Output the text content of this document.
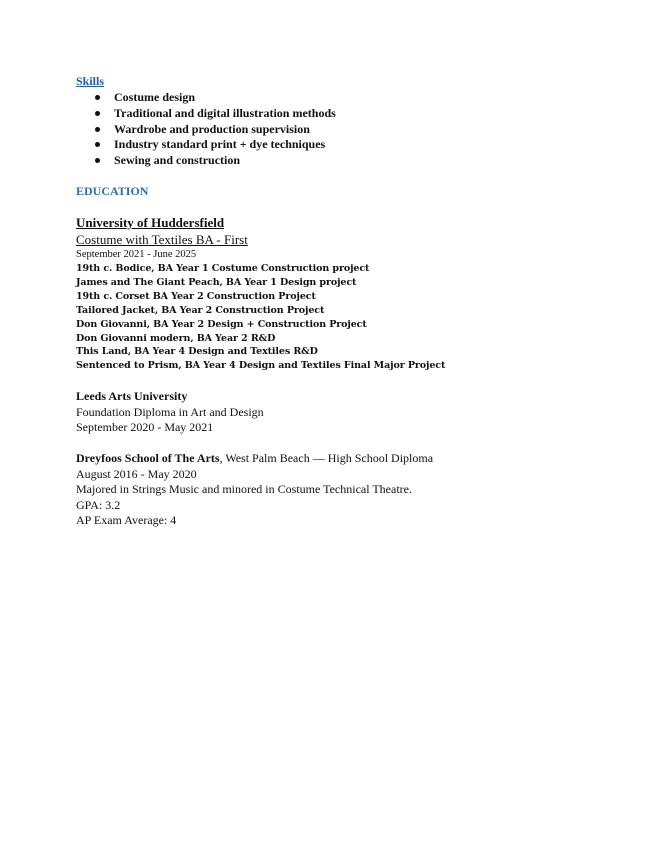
Skills
Costume design
Traditional and digital illustration methods
Wardrobe and production supervision
Industry standard print + dye techniques
Sewing and construction
EDUCATION
University of Huddersfield
Costume with Textiles BA - First
September 2021 - June 2025
19th c. Bodice, BA Year 1 Costume Construction project
James and The Giant Peach, BA Year 1 Design project
19th c. Corset BA Year 2 Construction Project
Tailored Jacket, BA Year 2 Construction Project
Don Giovanni, BA Year 2 Design + Construction Project
Don Giovanni modern, BA Year 2 R&D
This Land, BA Year 4 Design and Textiles R&D
Sentenced to Prism, BA Year 4 Design and Textiles Final Major Project
Leeds Arts University
Foundation Diploma in Art and Design
September 2020 - May 2021
Dreyfoos School of The Arts, West Palm Beach — High School Diploma
August 2016 - May 2020
Majored in Strings Music and minored in Costume Technical Theatre.
GPA: 3.2
AP Exam Average: 4
